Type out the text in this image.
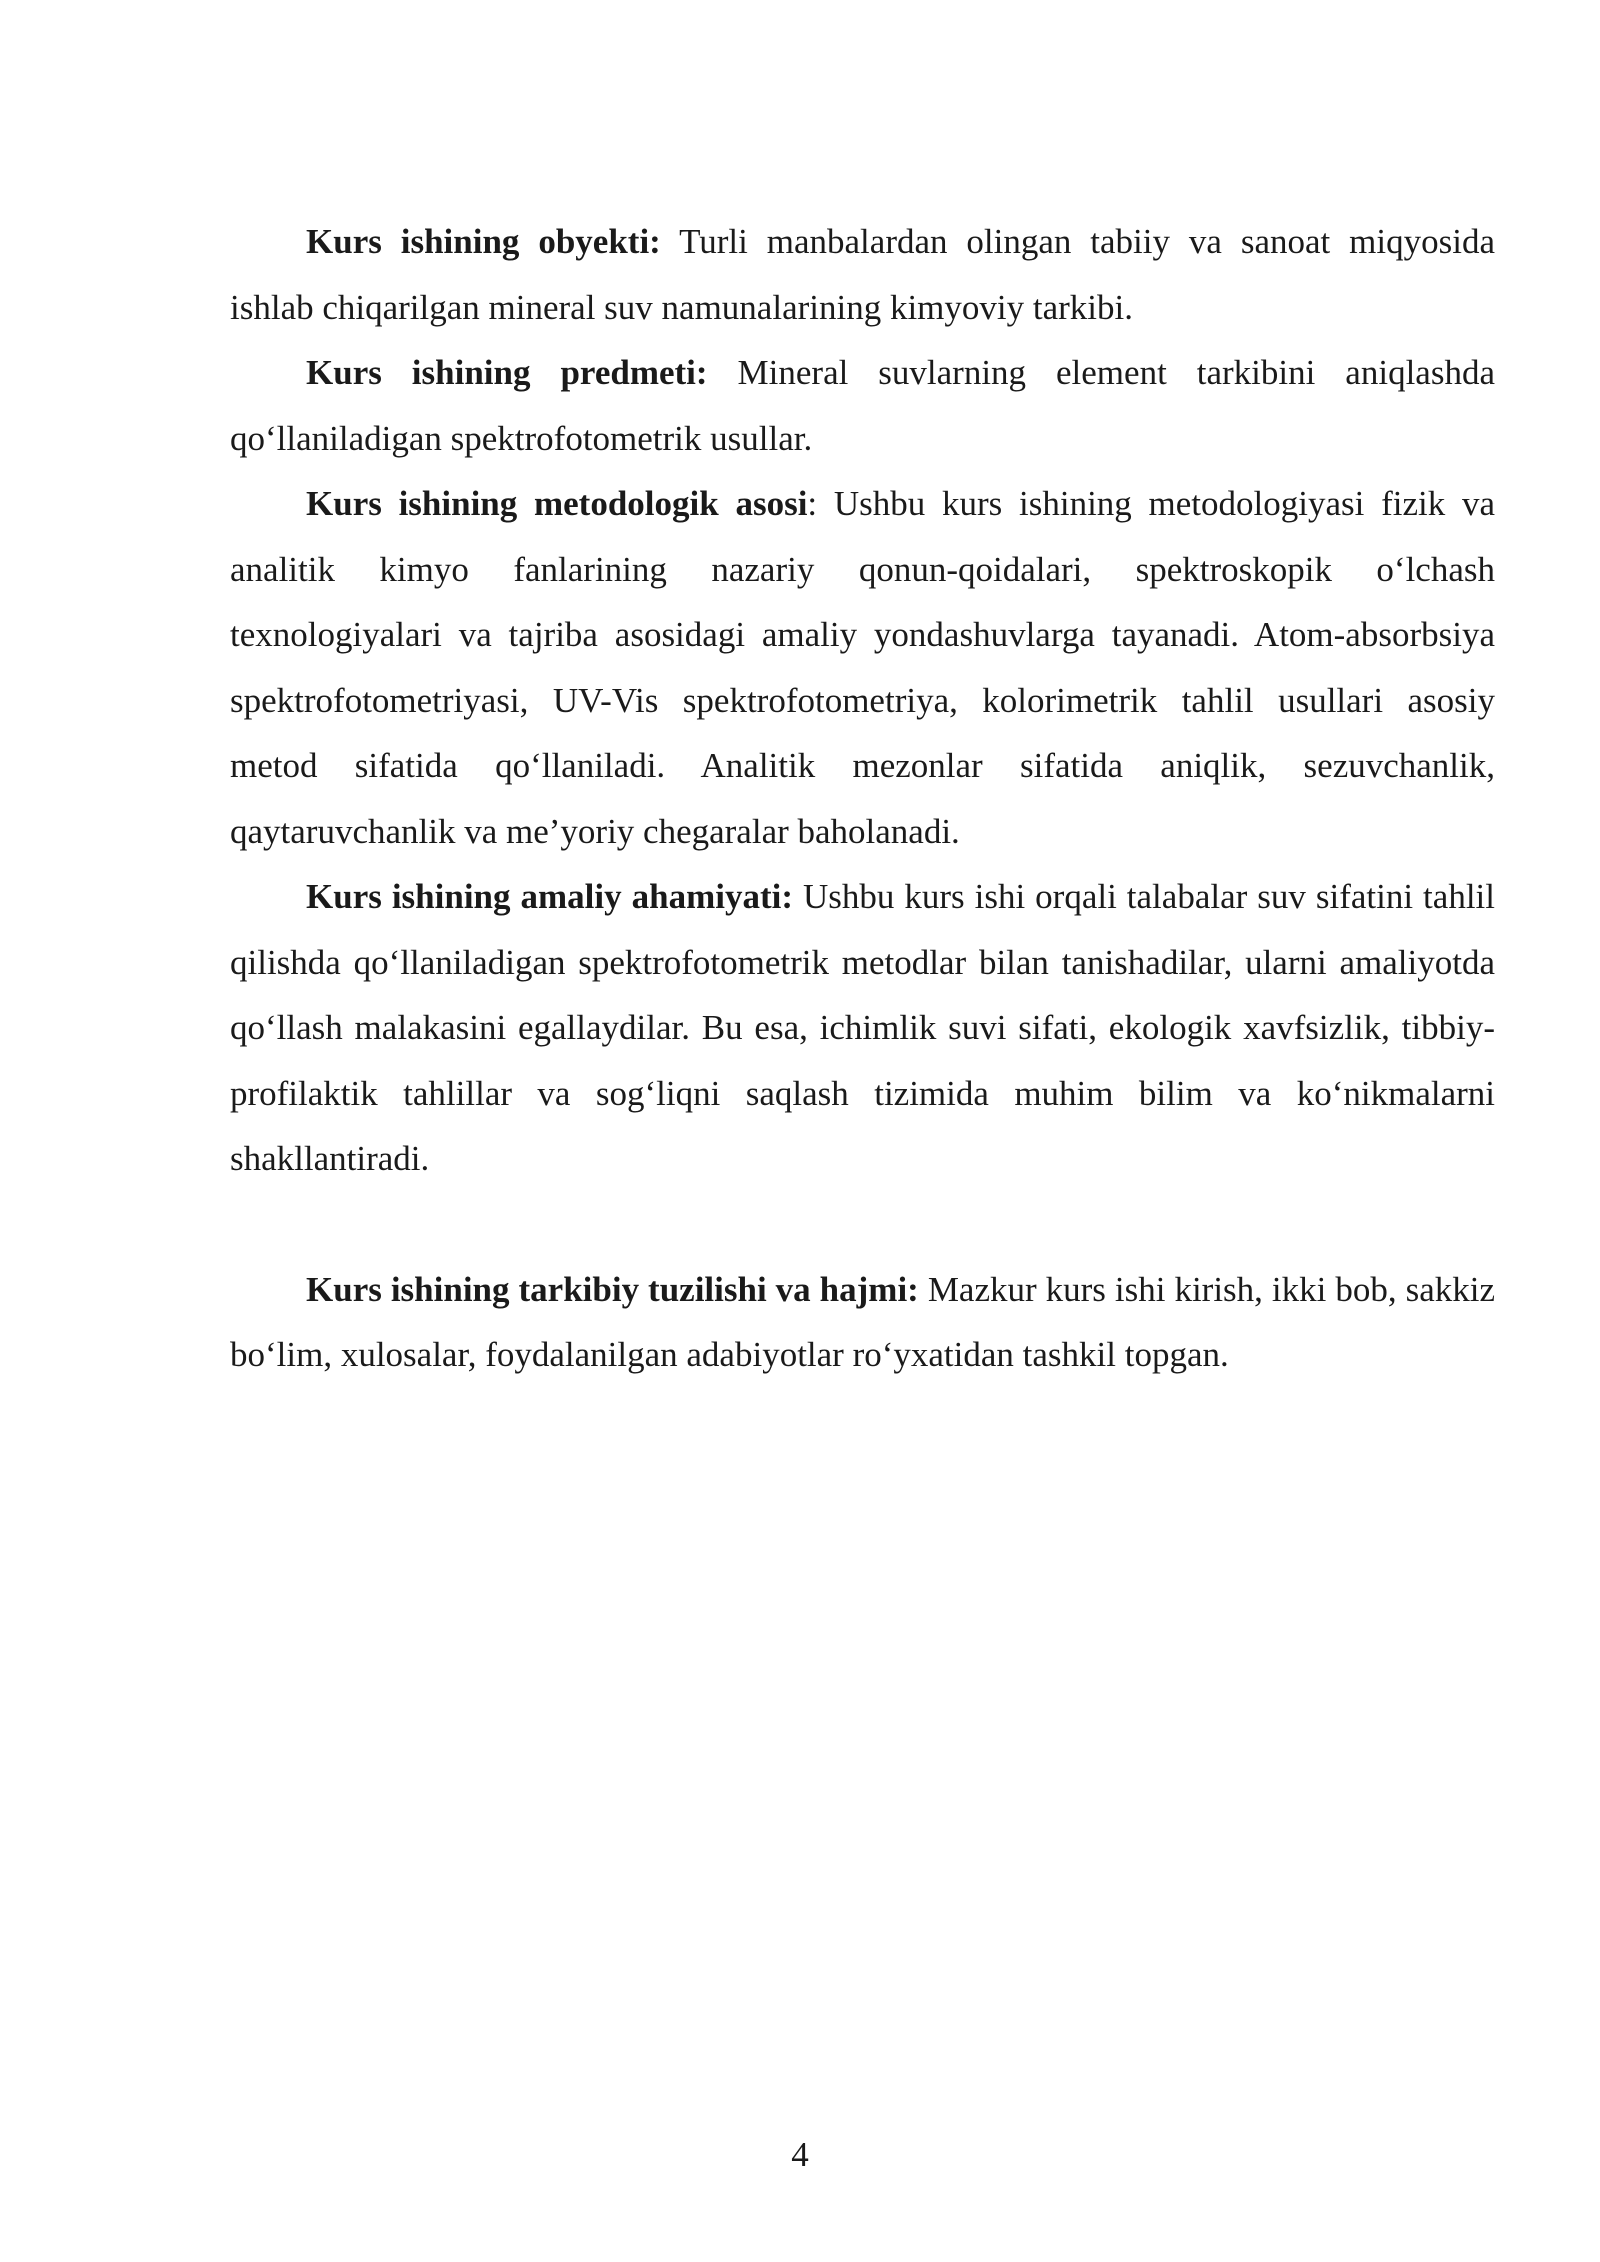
Kurs ishining obyekti: Turli manbalardan olingan tabiiy va sanoat miqyosida ishlab chiqarilgan mineral suv namunalarining kimyoviy tarkibi.

Kurs ishining predmeti: Mineral suvlarning element tarkibini aniqlashda qo‘llaniladigan spektrofotometrik usullar.

Kurs ishining metodologik asosi: Ushbu kurs ishining metodologiyasi fizik va analitik kimyo fanlarining nazariy qonun-qoidalari, spektroskopik o‘lchash texnologiyalari va tajriba asosidagi amaliy yondashuvlarga tayanadi. Atom-absorbsiya spektrofotometriyasi, UV-Vis spektrofotometriya, kolorimetrik tahlil usullari asosiy metod sifatida qo‘llaniladi. Analitik mezonlar sifatida aniqlik, sezuvchanlik, qaytaruvchanlik va me’yoriy chegaralar baholanadi.

Kurs ishining amaliy ahamiyati: Ushbu kurs ishi orqali talabalar suv sifatini tahlil qilishda qo‘llaniladigan spektrofotometrik metodlar bilan tanishadilar, ularni amaliyotda qo‘llash malakasini egallaydilar. Bu esa, ichimlik suvi sifati, ekologik xavfsizlik, tibbiy-profilaktik tahlillar va sog‘liqni saqlash tizimida muhim bilim va ko‘nikmalarni shakllantiradi.

Kurs ishining tarkibiy tuzilishi va hajmi: Mazkur kurs ishi kirish, ikki bob, sakkiz bo‘lim, xulosalar, foydalanilgan adabiyotlar ro‘yxatidan tashkil topgan.

4
